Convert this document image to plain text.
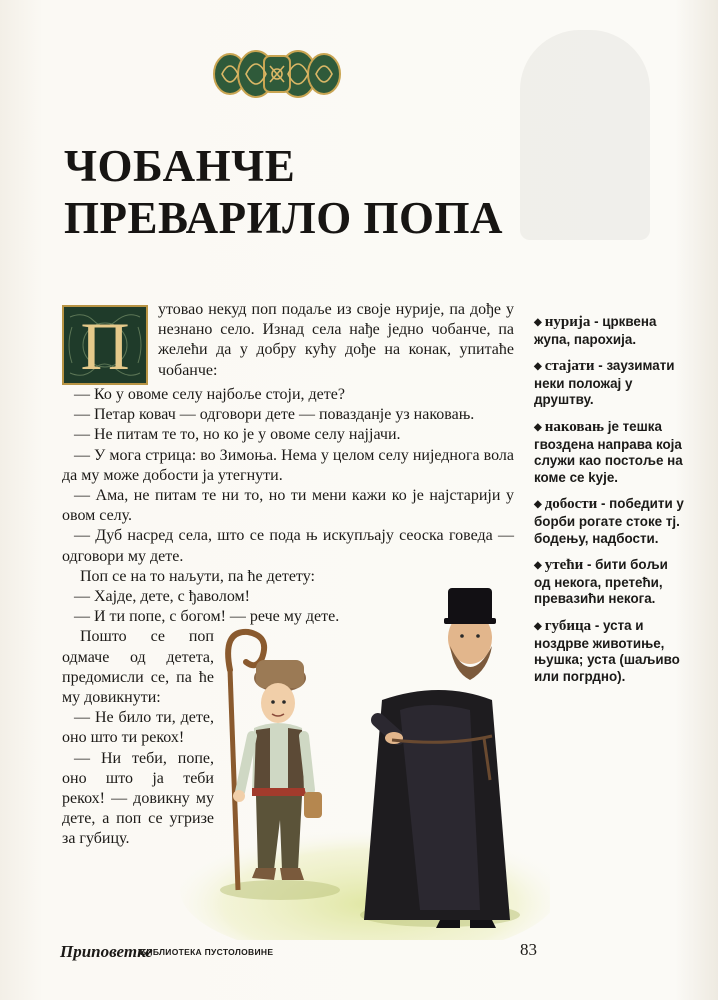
ЧОБАНЧЕ
ПРЕВАРИЛО ПОПА
П	утовао некуд поп подаље из своје нурије, па дође у незнано село. Изнад села нађе једно чобанче, па желећи да у добру кућу дође на конак, упитаће чобанче:

— Ко у овоме селу најбоље стоји, дете?

— Петар ковач — одговори дете — повазданје уз наковањ.

— Не питам те то, но ко је у овоме селу најјачи.

— У мога стрица: во Зимоња. Нема у целом селу ниједнога вола да му може добости ја утегнути.

— Ама, не питам те ни то, но ти мени кажи ко је најстарији у овом селу.

— Дуб насред села, што се пода њ искупљају сеоска говеда — одговори му дете.

Поп се на то наљути, па ће детету:

— Хајде, дете, с ђаволом!

— И ти попе, с богом! — рече му дете.

Пошто се поп одмаче од детета, предомисли се, па ће му довикнути:

— Не било ти, дете, оно што ти рекох!

— Ни теби, попе, оно што ја теби рекох! — довикну му дете, а поп се угризе за губицу.

◆ нурија - црквена жупа, парохија.
◆ стајати - заузимати неки положај у друштву.
◆ наковањ је тешка гвоздена направа која служи као постоље на коме се kује.
◆ добости - победити у борби рогате стоке тј. бодењу, надбости.
◆ утећи - бити бољи од некога, претећи, превазићи некога.
◆ губица - уста и ноздрве животиње, њушка; уста (шаљиво или погрдно).
Приповетке
БИБЛИОТЕКА ПУСТОЛОВИНЕ	83
